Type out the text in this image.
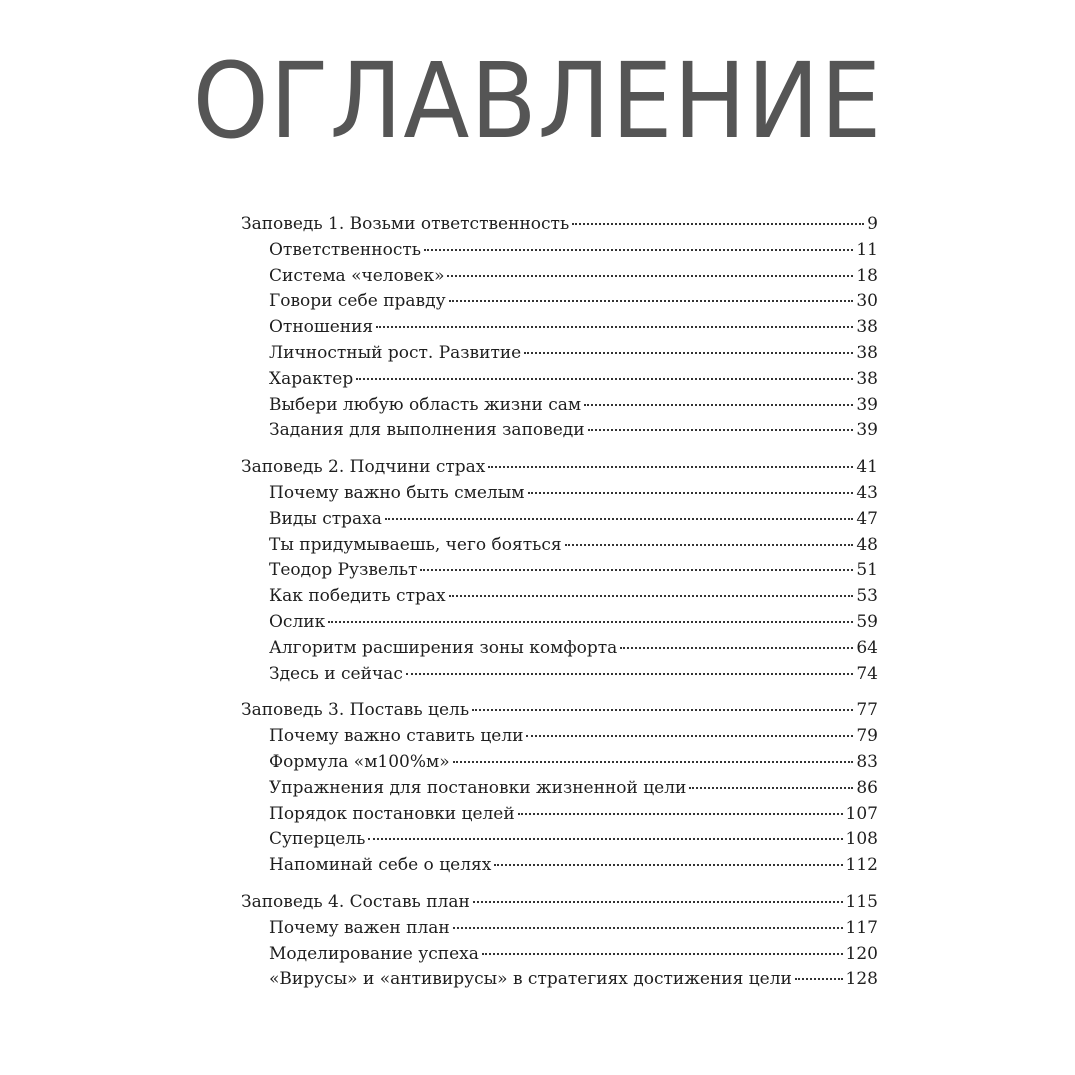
ОГЛАВЛЕНИЕ
Заповедь 1. Возьми ответственность	9
Ответственность	11
Система «человек»	18
Говори себе правду	30
Отношения	38
Личностный рост. Развитие	38
Характер	38
Выбери любую область жизни сам	39
Задания для выполнения заповеди	39
Заповедь 2. Подчини страх	41
Почему важно быть смелым	43
Виды страха	47
Ты придумываешь, чего бояться	48
Теодор Рузвельт	51
Как победить страх	53
Ослик	59
Алгоритм расширения зоны комфорта	64
Здесь и сейчас	74
Заповедь 3. Поставь цель	77
Почему важно ставить цели	79
Формула «м100%м»	83
Упражнения для постановки жизненной цели	86
Порядок постановки целей	107
Суперцель	108
Напоминай себе о целях	112
Заповедь 4. Составь план	115
Почему важен план	117
Моделирование успеха	120
«Вирусы» и «антивирусы» в стратегиях достижения цели	128
